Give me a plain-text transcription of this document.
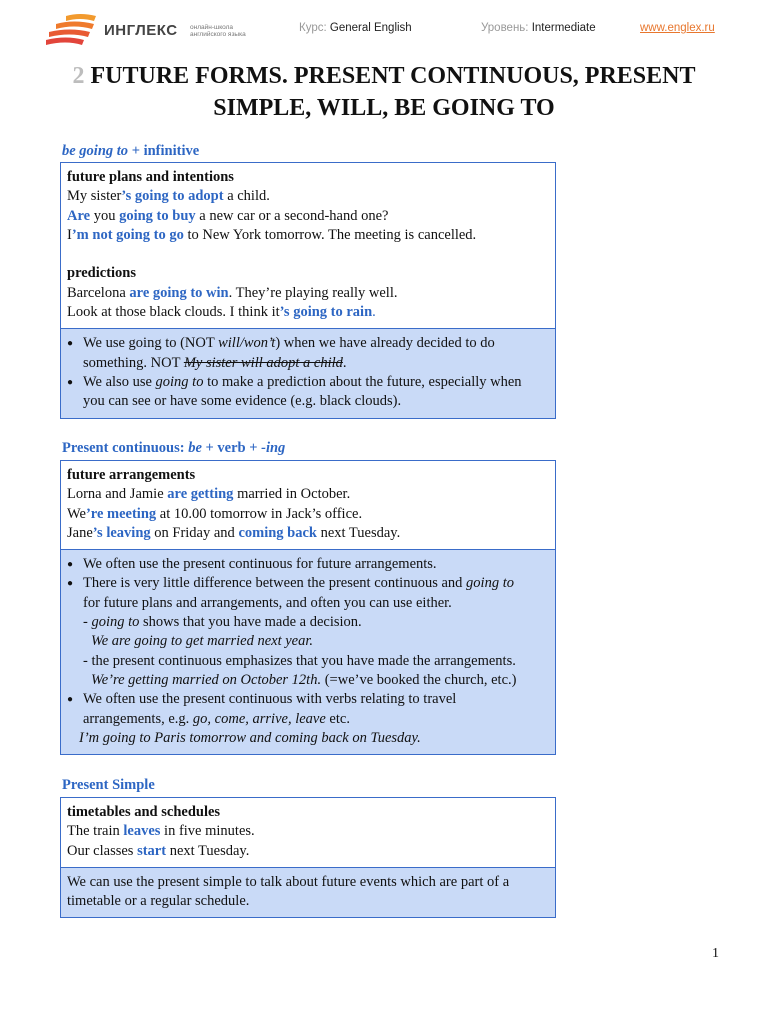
ИНГЛЕКС онлайн-школа английского языка
Курс: General English	Уровень: Intermediate	www.englex.ru
2 FUTURE FORMS. PRESENT CONTINUOUS, PRESENT
SIMPLE, WILL, BE GOING TO
be going to + infinitive
future plans and intentions
My sister’s going to adopt a child.
Are you going to buy a new car or a second-hand one?
I’m not going to go to New York tomorrow. The meeting is cancelled.
predictions
Barcelona are going to win. They’re playing really well.
Look at those black clouds. I think it’s going to rain.
● We use going to (NOT will/won’t) when we have already decided to do
something. NOT My sister will adopt a child.
● We also use going to to make a prediction about the future, especially when
you can see or have some evidence (e.g. black clouds).
Present continuous: be + verb + -ing
future arrangements
Lorna and Jamie are getting married in October.
We’re meeting at 10.00 tomorrow in Jack’s office.
Jane’s leaving on Friday and coming back next Tuesday.
● We often use the present continuous for future arrangements.
● There is very little difference between the present continuous and going to
for future plans and arrangements, and often you can use either.
- going to shows that you have made a decision.
We are going to get married next year.
- the present continuous emphasizes that you have made the arrangements.
We’re getting married on October 12th. (=we’ve booked the church, etc.)
● We often use the present continuous with verbs relating to travel
arrangements, e.g. go, come, arrive, leave etc.
I’m going to Paris tomorrow and coming back on Tuesday.
Present Simple
timetables and schedules
The train leaves in five minutes.
Our classes start next Tuesday.
We can use the present simple to talk about future events which are part of a
timetable or a regular schedule.
1
